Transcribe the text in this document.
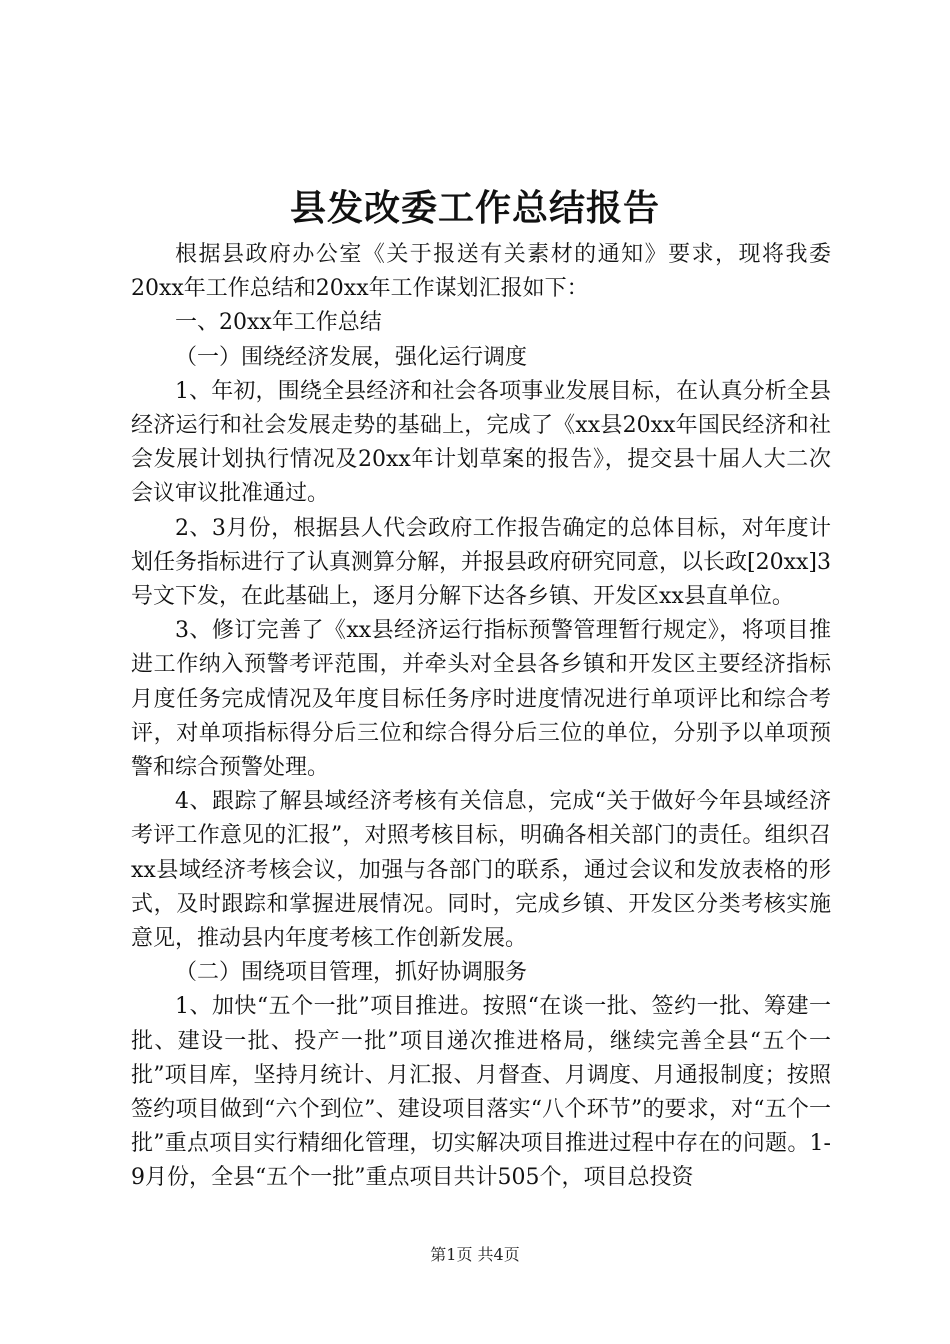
县发改委工作总结报告

根据县政府办公室《关于报送有关素材的通知》要求，现将我委20xx年工作总结和20xx年工作谋划汇报如下：

一、20xx年工作总结

（一）围绕经济发展，强化运行调度

1、年初，围绕全县经济和社会各项事业发展目标，在认真分析全县经济运行和社会发展走势的基础上，完成了《xx县20xx年国民经济和社会发展计划执行情况及20xx年计划草案的报告》，提交县十届人大二次会议审议批准通过。

2、3月份，根据县人代会政府工作报告确定的总体目标，对年度计划任务指标进行了认真测算分解，并报县政府研究同意，以长政[20xx]3号文下发，在此基础上，逐月分解下达各乡镇、开发区xx县直单位。

3、修订完善了《xx县经济运行指标预警管理暂行规定》，将项目推进工作纳入预警考评范围，并牵头对全县各乡镇和开发区主要经济指标月度任务完成情况及年度目标任务序时进度情况进行单项评比和综合考评，对单项指标得分后三位和综合得分后三位的单位，分别予以单项预警和综合预警处理。

4、跟踪了解县域经济考核有关信息，完成“关于做好今年县域经济考评工作意见的汇报”，对照考核目标，明确各相关部门的责任。组织召xx县域经济考核会议，加强与各部门的联系，通过会议和发放表格的形式，及时跟踪和掌握进展情况。同时，完成乡镇、开发区分类考核实施意见，推动县内年度考核工作创新发展。

（二）围绕项目管理，抓好协调服务

1、加快“五个一批”项目推进。按照“在谈一批、签约一批、筹建一批、建设一批、投产一批”项目递次推进格局，继续完善全县“五个一批”项目库，坚持月统计、月汇报、月督查、月调度、月通报制度；按照签约项目做到“六个到位”、建设项目落实“八个环节”的要求，对“五个一批”重点项目实行精细化管理，切实解决项目推进过程中存在的问题。1-9月份，全县“五个一批”重点项目共计505个，项目总投资

第1页 共4页
